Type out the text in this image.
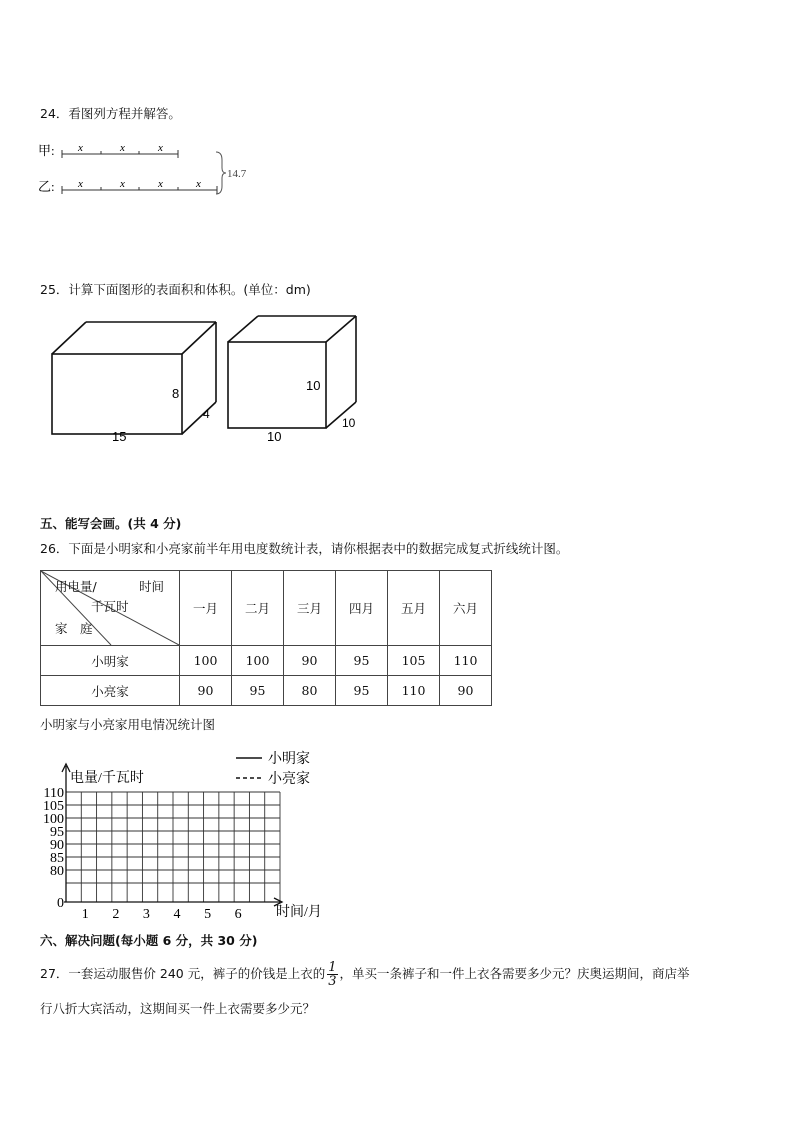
24．看图列方程并解答。
甲: x	x	x
乙: x	x	x	x
14.7
25．计算下面图形的表面积和体积。(单位：dm)
8
4
15
10
10
10
五、能写会画。(共 4 分)
26．下面是小明家和小亮家前半年用电度数统计表，请你根据表中的数据完成复式折线统计图。
用电量/ 时间
千瓦时
家　庭	一月	二月	三月	四月	五月	六月
小明家	100	100	90	95	105	110
小亮家	90	95	80	95	110	90
小明家与小亮家用电情况统计图
110
105
100
95
90
85
80
0
1 2 3 4 5 6
电量/千瓦时
时间/月
小明家
小亮家
六、解决问题(每小题 6 分，共 30 分)
27．一套运动服售价 240 元，裤子的价钱是上衣的 $\frac{1}{3}$ ，单买一条裤子和一件上衣各需要多少元？庆奥运期间，商店举
行八折大宾活动，这期间买一件上衣需要多少元？
